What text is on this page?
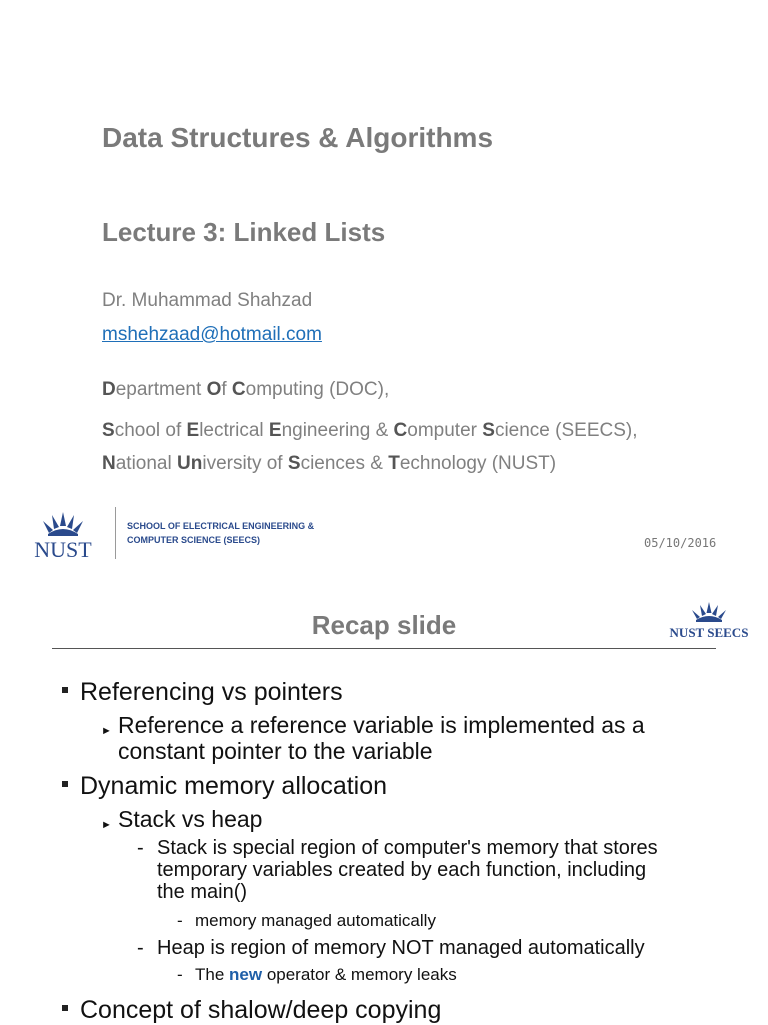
Data Structures & Algorithms
Lecture 3: Linked Lists
Dr. Muhammad Shahzad
mshehzaad@hotmail.com
Department Of Computing (DOC),
School of Electrical Engineering & Computer Science (SEECS),
National University of Sciences & Technology (NUST)
NUST
SCHOOL OF ELECTRICAL ENGINEERING &
COMPUTER SCIENCE (SEECS)	05/10/2016
Recap slide	NUST SEECS
Referencing vs pointers
► Reference a reference variable is implemented as a
constant pointer to the variable
Dynamic memory allocation
► Stack vs heap
- Stack is special region of computer's memory that stores
temporary variables created by each function, including
the main()
- memory managed automatically
- Heap is region of memory NOT managed automatically
- The new operator & memory leaks
Concept of shalow/deep copying
